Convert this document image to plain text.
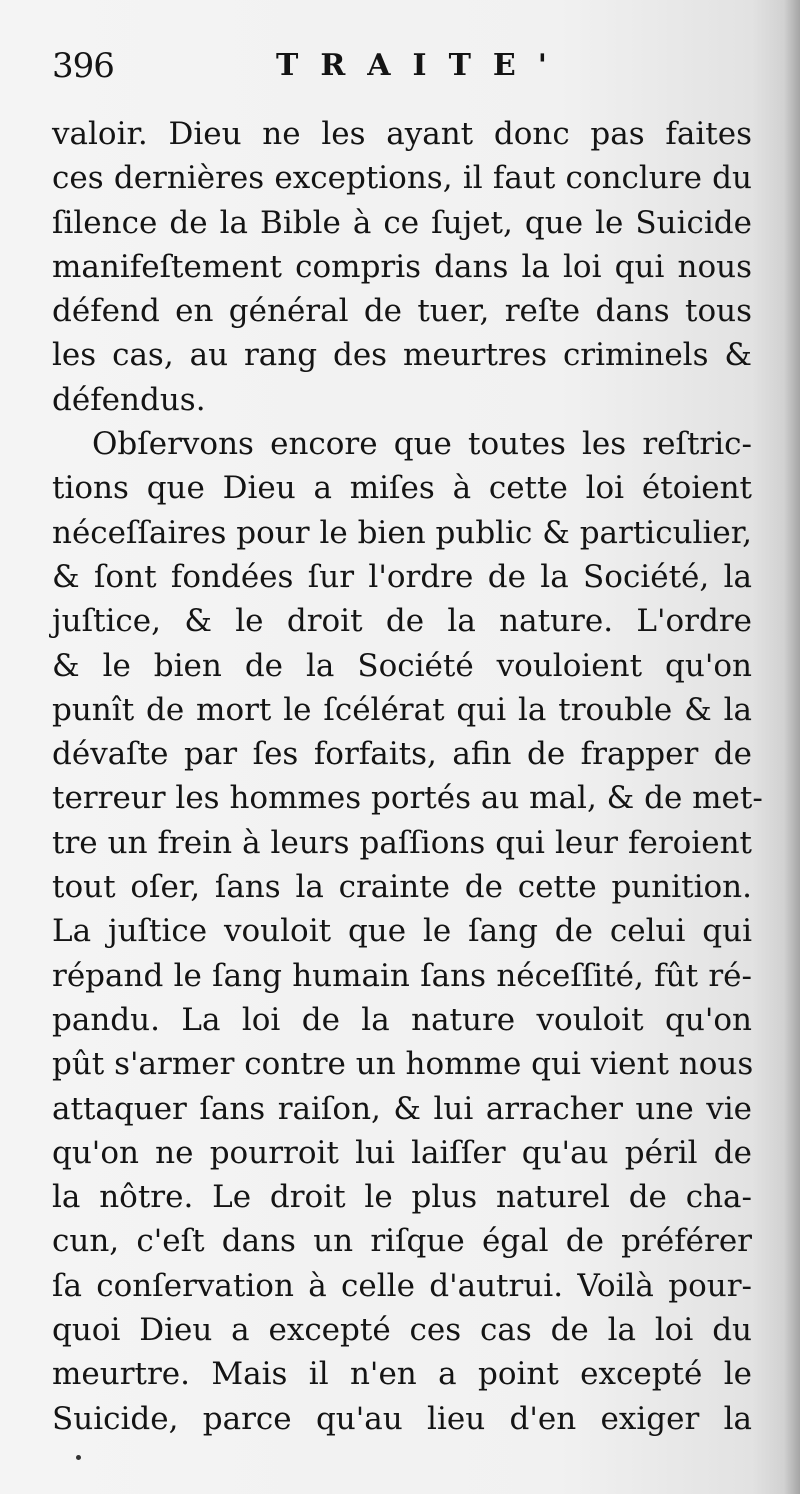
396	TRAITE'
valoir. Dieu ne les ayant donc pas faites
ces dernières exceptions, il faut conclure du
ſilence de la Bible à ce ſujet, que le Suicide
manifeſtement compris dans la loi qui nous
défend en général de tuer, reſte dans tous
les cas, au rang des meurtres criminels &
défendus.
Obſervons encore que toutes les reſtric-
tions que Dieu a miſes à cette loi étoient
néceſſaires pour le bien public & particulier,
& ſont fondées ſur l'ordre de la Société, la
juſtice, & le droit de la nature. L'ordre
& le bien de la Société vouloient qu'on
punît de mort le ſcélérat qui la trouble & la
dévaſte par ſes forfaits, afin de frapper de
terreur les hommes portés au mal, & de met-
tre un frein à leurs paſſions qui leur feroient
tout oſer, ſans la crainte de cette punition.
La juſtice vouloit que le ſang de celui qui
répand le ſang humain ſans néceſſité, fût ré-
pandu. La loi de la nature vouloit qu'on
pût s'armer contre un homme qui vient nous
attaquer ſans raiſon, & lui arracher une vie
qu'on ne pourroit lui laiſſer qu'au péril de
la nôtre. Le droit le plus naturel de cha-
cun, c'eſt dans un riſque égal de préférer
ſa conſervation à celle d'autrui. Voilà pour-
quoi Dieu a excepté ces cas de la loi du
meurtre. Mais il n'en a point excepté le
Suicide, parce qu'au lieu d'en exiger la
